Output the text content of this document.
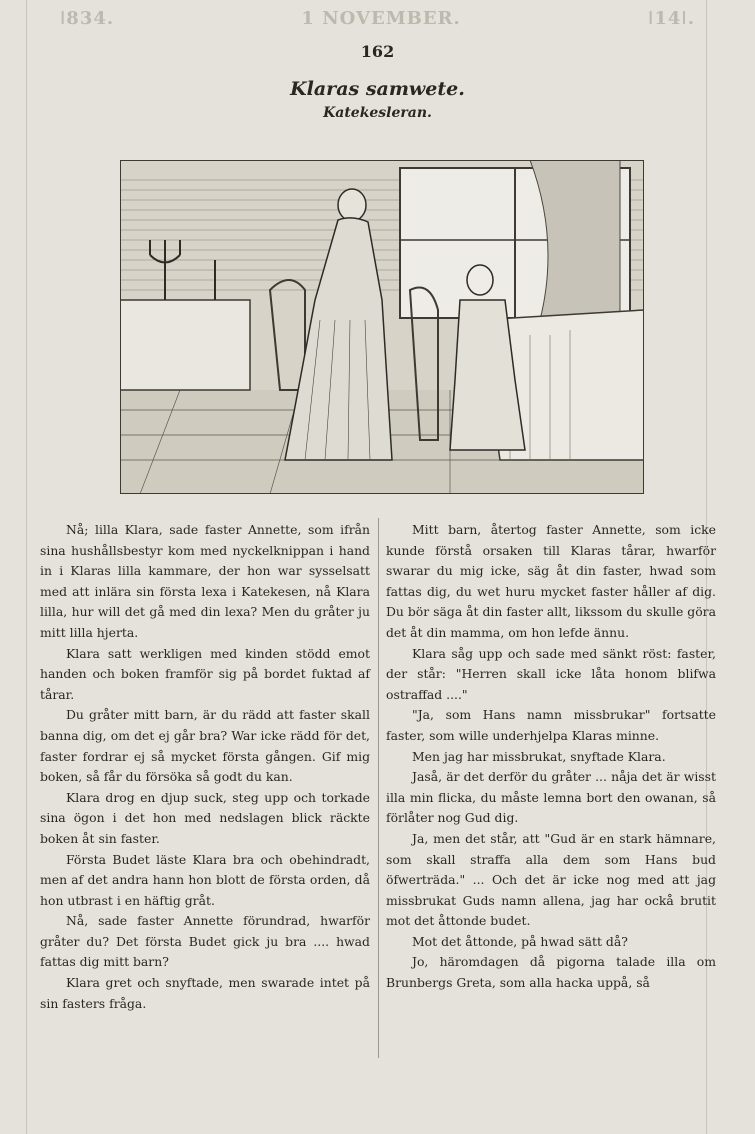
ǀ834.	1 NOVEMBER.	ǀ14ǀ.
162
Klaras samwete.
Katekesleran.

Nå; lilla Klara, sade faster Annette, som ifrån sina hushållsbestyr kom med nyckelknippan i hand in i Klaras lilla kammare, der hon war sysselsatt med att inlära sin första lexa i Katekesen, nå Klara lilla, hur will det gå med din lexa? Men du gråter ju mitt lilla hjerta.

Klara satt werkligen med kinden stödd emot handen och boken framför sig på bordet fuktad af tårar.

Du gråter mitt barn, är du rädd att faster skall banna dig, om det ej går bra? War icke rädd för det, faster fordrar ej så mycket första gången. Gif mig boken, så får du försöka så godt du kan.

Klara drog en djup suck, steg upp och torkade sina ögon i det hon med nedslagen blick räckte boken åt sin faster.

Första Budet läste Klara bra och obehindradt, men af det andra hann hon blott de första orden, då hon utbrast i en häftig gråt.

Nå, sade faster Annette förundrad, hwarför gråter du? Det första Budet gick ju bra .... hwad fattas dig mitt barn?

Klara gret och snyftade, men swarade intet på sin fasters fråga.

Mitt barn, återtog faster Annette, som icke kunde förstå orsaken till Klaras tårar, hwarför swarar du mig icke, säg åt din faster, hwad som fattas dig, du wet huru mycket faster håller af dig. Du bör säga åt din faster allt, likssom du skulle göra det åt din mamma, om hon lefde ännu.

Klara såg upp och sade med sänkt röst: faster, der står: "Herren skall icke låta honom blifwa ostraffad ...."

"Ja, som Hans namn missbrukar" fortsatte faster, som wille underhjelpa Klaras minne.

Men jag har missbrukat, snyftade Klara.

Jaså, är det derför du gråter ... nåja det är wisst illa min flicka, du måste lemna bort den owanan, så förlåter nog Gud dig.

Ja, men det står, att "Gud är en stark hämnare, som skall straffa alla dem som Hans bud öfwerträda." ... Och det är icke nog med att jag missbrukat Guds namn allena, jag har ockå brutit mot det åttonde budet.

Mot det åttonde, på hwad sätt då?

Jo, häromdagen då pigorna talade illa om Brunbergs Greta, som alla hacka uppå, så
